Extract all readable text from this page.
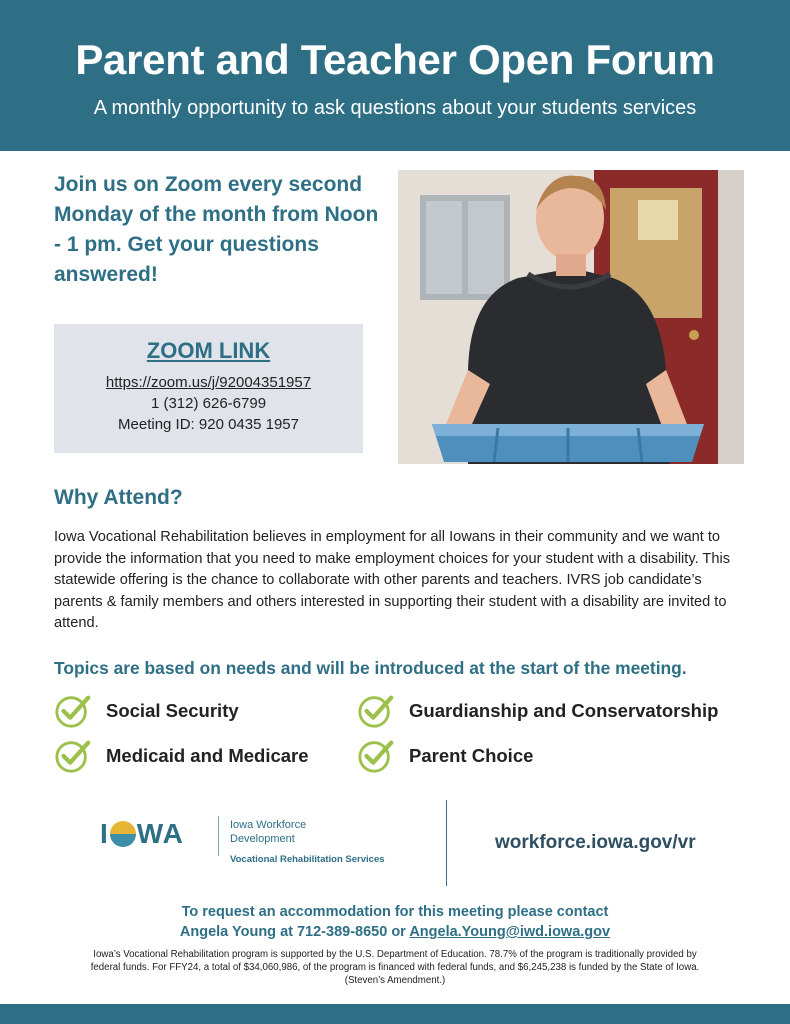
Parent and Teacher Open Forum
A monthly opportunity to ask questions about your students services

Join us on Zoom every second Monday of the month from Noon - 1 pm. Get your questions answered!

ZOOM LINK
https://zoom.us/j/92004351957
1 (312) 626-6799
Meeting ID: 920 0435 1957
Why Attend?

Iowa Vocational Rehabilitation believes in employment for all Iowans in their community and we want to provide the information that you need to make employment choices for your student with a disability. This statewide offering is the chance to collaborate with other parents and teachers. IVRS job candidate’s parents & family members and others interested in supporting their student with a disability are invited to attend.

Topics are based on needs and will be introduced at the start of the meeting.
Social Security	Guardianship and Conservatorship
Medicaid and Medicare	Parent Choice
I WA	Iowa Workforce Development
Vocational Rehabilitation Services
workforce.iowa.gov/vr
To request an accommodation for this meeting please contact
Angela Young at 712-389-8650 or Angela.Young@iwd.iowa.gov

Iowa’s Vocational Rehabilitation program is supported by the U.S. Department of Education. 78.7% of the program is traditionally provided by federal funds. For FFY24, a total of $34,060,986, of the program is financed with federal funds, and $6,245,238 is funded by the State of Iowa. (Steven’s Amendment.)
